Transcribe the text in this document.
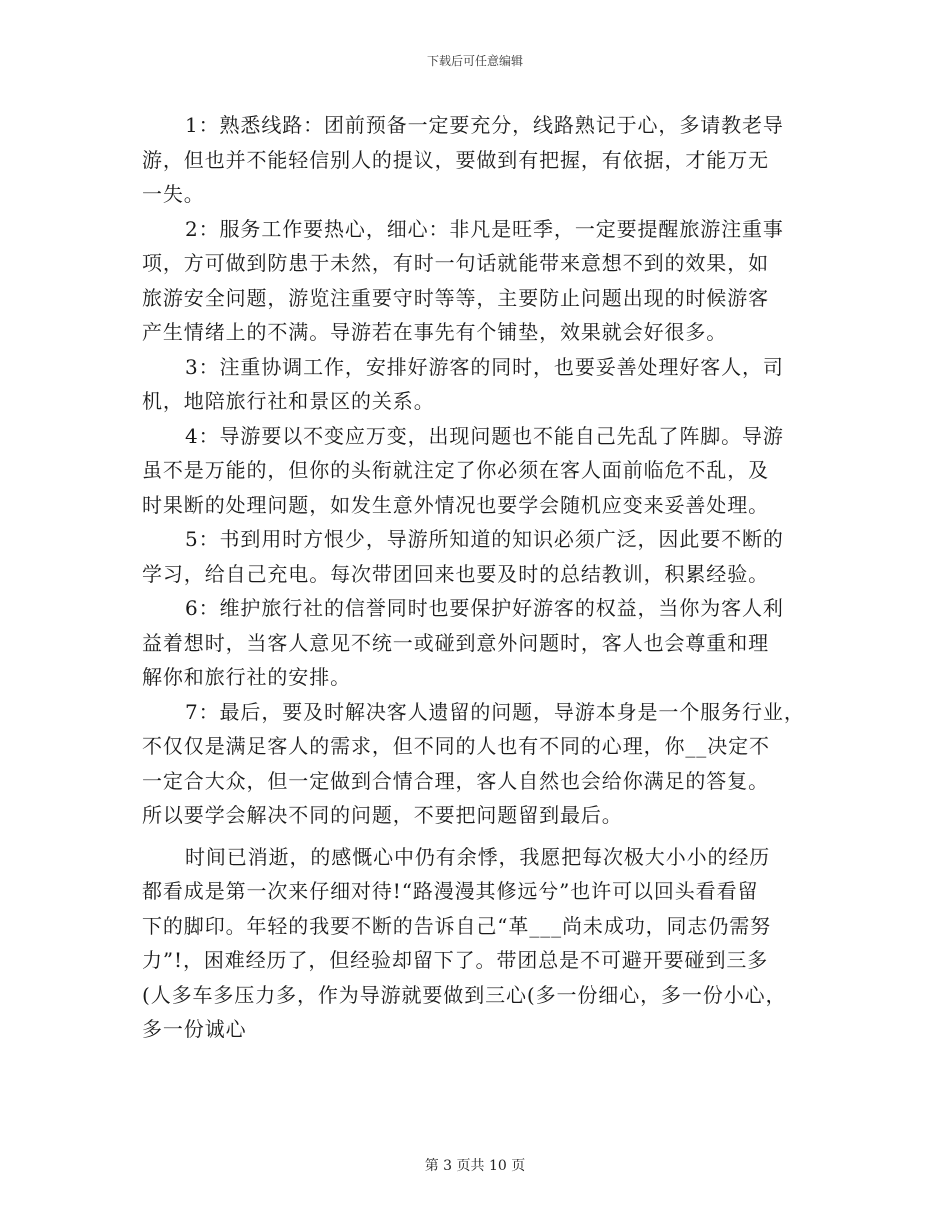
下载后可任意编辑
1：熟悉线路：团前预备一定要充分，线路熟记于心，多请教老导
游，但也并不能轻信别人的提议，要做到有把握，有依据，才能万无
一失。
2：服务工作要热心，细心：非凡是旺季，一定要提醒旅游注重事
项，方可做到防患于未然，有时一句话就能带来意想不到的效果，如
旅游安全问题，游览注重要守时等等，主要防止问题出现的时候游客
产生情绪上的不满。导游若在事先有个铺垫，效果就会好很多。
3：注重协调工作，安排好游客的同时，也要妥善处理好客人，司
机，地陪旅行社和景区的关系。
4：导游要以不变应万变，出现问题也不能自己先乱了阵脚。导游
虽不是万能的，但你的头衔就注定了你必须在客人面前临危不乱，及
时果断的处理问题，如发生意外情况也要学会随机应变来妥善处理。
5：书到用时方恨少，导游所知道的知识必须广泛，因此要不断的
学习，给自己充电。每次带团回来也要及时的总结教训，积累经验。
6：维护旅行社的信誉同时也要保护好游客的权益，当你为客人利
益着想时，当客人意见不统一或碰到意外问题时，客人也会尊重和理
解你和旅行社的安排。
7：最后，要及时解决客人遗留的问题，导游本身是一个服务行业，
不仅仅是满足客人的需求，但不同的人也有不同的心理，你__决定不
一定合大众，但一定做到合情合理，客人自然也会给你满足的答复。
所以要学会解决不同的问题，不要把问题留到最后。
时间已消逝，的感慨心中仍有余悸，我愿把每次极大小小的经历
都看成是第一次来仔细对待!“路漫漫其修远兮”也许可以回头看看留
下的脚印。年轻的我要不断的告诉自己“革___尚未成功，同志仍需努
力”!，困难经历了，但经验却留下了。带团总是不可避开要碰到三多
(人多车多压力多，作为导游就要做到三心(多一份细心，多一份小心，
多一份诚心
第 3 页共 10 页
